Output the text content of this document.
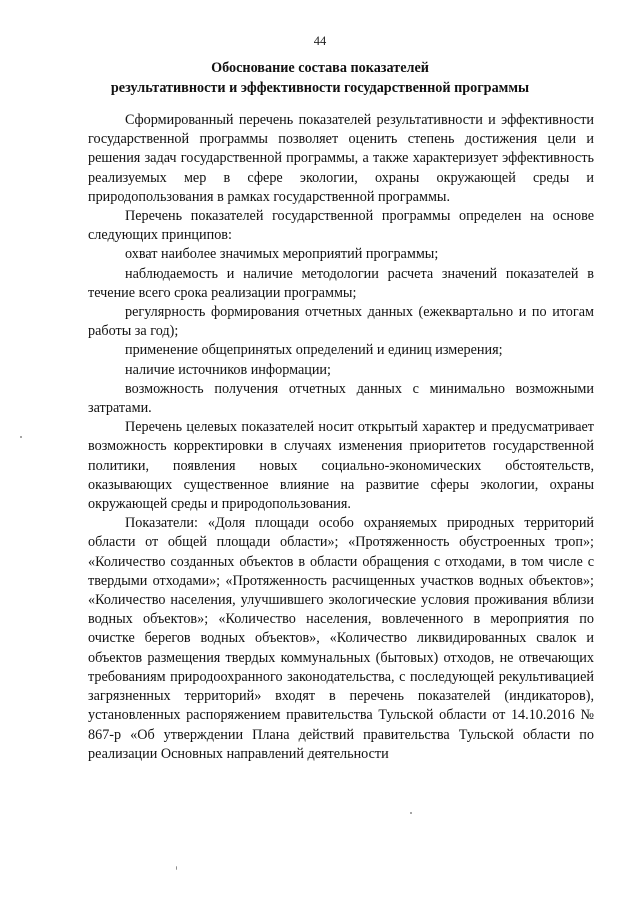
44
Обоснование состава показателей
результативности и эффективности государственной программы

Сформированный перечень показателей результативности и эффективности государственной программы позволяет оценить степень достижения цели и решения задач государственной программы, а также характеризует эффективность реализуемых мер в сфере экологии, охраны окружающей среды и природопользования в рамках государственной программы.

Перечень показателей государственной программы определен на основе следующих принципов:

охват наиболее значимых мероприятий программы;

наблюдаемость и наличие методологии расчета значений показателей в течение всего срока реализации программы;

регулярность формирования отчетных данных (ежеквартально и по итогам работы за год);

применение общепринятых определений и единиц измерения;

наличие источников информации;

возможность получения отчетных данных с минимально возможными затратами.

Перечень целевых показателей носит открытый характер и предусматривает возможность корректировки в случаях изменения приоритетов государственной политики, появления новых социально-экономических обстоятельств, оказывающих существенное влияние на развитие сферы экологии, охраны окружающей среды и природопользования.

Показатели: «Доля площади особо охраняемых природных территорий области от общей площади области»; «Протяженность обустроенных троп»; «Количество созданных объектов в области обращения с отходами, в том числе с твердыми отходами»; «Протяженность расчищенных участков водных объектов»; «Количество населения, улучшившего экологические условия проживания вблизи водных объектов»; «Количество населения, вовлеченного в мероприятия по очистке берегов водных объектов», «Количество ликвидированных свалок и объектов размещения твердых коммунальных (бытовых) отходов, не отвечающих требованиям природоохранного законодательства, с последующей рекультивацией загрязненных территорий» входят в перечень показателей (индикаторов), установленных распоряжением правительства Тульской области от 14.10.2016 № 867-р «Об утверждении Плана действий правительства Тульской области по реализации Основных направлений деятельности
